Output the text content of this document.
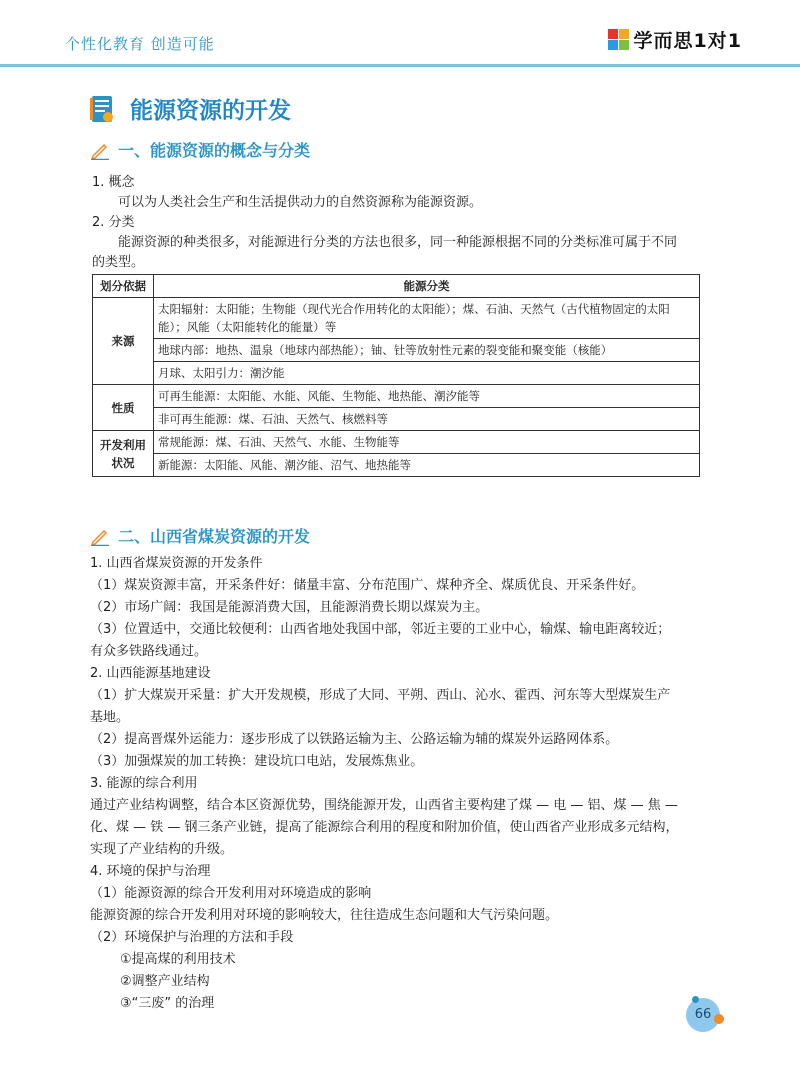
个性化教育 创造可能	学而思1对1
能源资源的开发
一、能源资源的概念与分类
1. 概念
可以为人类社会生产和生活提供动力的自然资源称为能源资源。
2. 分类
能源资源的种类很多，对能源进行分类的方法也很多，同一种能源根据不同的分类标准可属于不同
的类型。
划分依据	能源分类
来源	太阳辐射：太阳能；生物能（现代光合作用转化的太阳能）；煤、石油、天然气（古代植物固定的太阳能）；风能（太阳能转化的能量）等
	地球内部：地热、温泉（地球内部热能）；铀、钍等放射性元素的裂变能和聚变能（核能）
	月球、太阳引力：潮汐能
性质	可再生能源：太阳能、水能、风能、生物能、地热能、潮汐能等
	非可再生能源：煤、石油、天然气、核燃料等
开发利用状况	常规能源：煤、石油、天然气、水能、生物能等
	新能源：太阳能、风能、潮汐能、沼气、地热能等
二、山西省煤炭资源的开发
1. 山西省煤炭资源的开发条件
（1）煤炭资源丰富，开采条件好：储量丰富、分布范围广、煤种齐全、煤质优良、开采条件好。
（2）市场广阔：我国是能源消费大国，且能源消费长期以煤炭为主。
（3）位置适中，交通比较便利：山西省地处我国中部，邻近主要的工业中心，输煤、输电距离较近；
有众多铁路线通过。
2. 山西能源基地建设
（1）扩大煤炭开采量：扩大开发规模，形成了大同、平朔、西山、沁水、霍西、河东等大型煤炭生产
基地。
（2）提高晋煤外运能力：逐步形成了以铁路运输为主、公路运输为辅的煤炭外运路网体系。
（3）加强煤炭的加工转换：建设坑口电站，发展炼焦业。
3. 能源的综合利用
通过产业结构调整，结合本区资源优势，围绕能源开发，山西省主要构建了煤 — 电 — 铝、煤 — 焦 —
化、煤 — 铁 — 钢三条产业链，提高了能源综合利用的程度和附加价值，使山西省产业形成多元结构，
实现了产业结构的升级。
4. 环境的保护与治理
（1）能源资源的综合开发利用对环境造成的影响
能源资源的综合开发利用对环境的影响较大，往往造成生态问题和大气污染问题。
（2）环境保护与治理的方法和手段
①提高煤的利用技术
②调整产业结构
③“三废” 的治理
66
